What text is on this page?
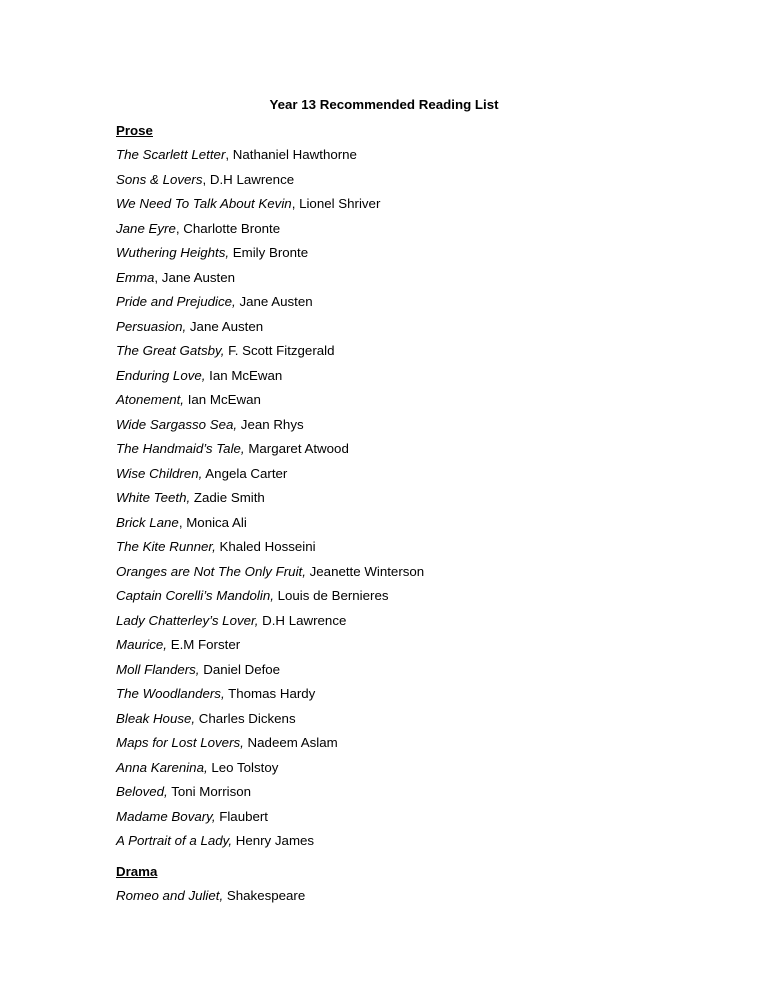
Year 13 Recommended Reading List
Prose
The Scarlett Letter, Nathaniel Hawthorne
Sons & Lovers, D.H Lawrence
We Need To Talk About Kevin, Lionel Shriver
Jane Eyre, Charlotte Bronte
Wuthering Heights, Emily Bronte
Emma, Jane Austen
Pride and Prejudice, Jane Austen
Persuasion, Jane Austen
The Great Gatsby, F. Scott Fitzgerald
Enduring Love, Ian McEwan
Atonement, Ian McEwan
Wide Sargasso Sea, Jean Rhys
The Handmaid’s Tale, Margaret Atwood
Wise Children, Angela Carter
White Teeth, Zadie Smith
Brick Lane, Monica Ali
The Kite Runner, Khaled Hosseini
Oranges are Not The Only Fruit, Jeanette Winterson
Captain Corelli’s Mandolin, Louis de Bernieres
Lady Chatterley’s Lover, D.H Lawrence
Maurice, E.M Forster
Moll Flanders, Daniel Defoe
The Woodlanders, Thomas Hardy
Bleak House, Charles Dickens
Maps for Lost Lovers, Nadeem Aslam
Anna Karenina, Leo Tolstoy
Beloved, Toni Morrison
Madame Bovary, Flaubert
A Portrait of a Lady, Henry James
Drama
Romeo and Juliet, Shakespeare
